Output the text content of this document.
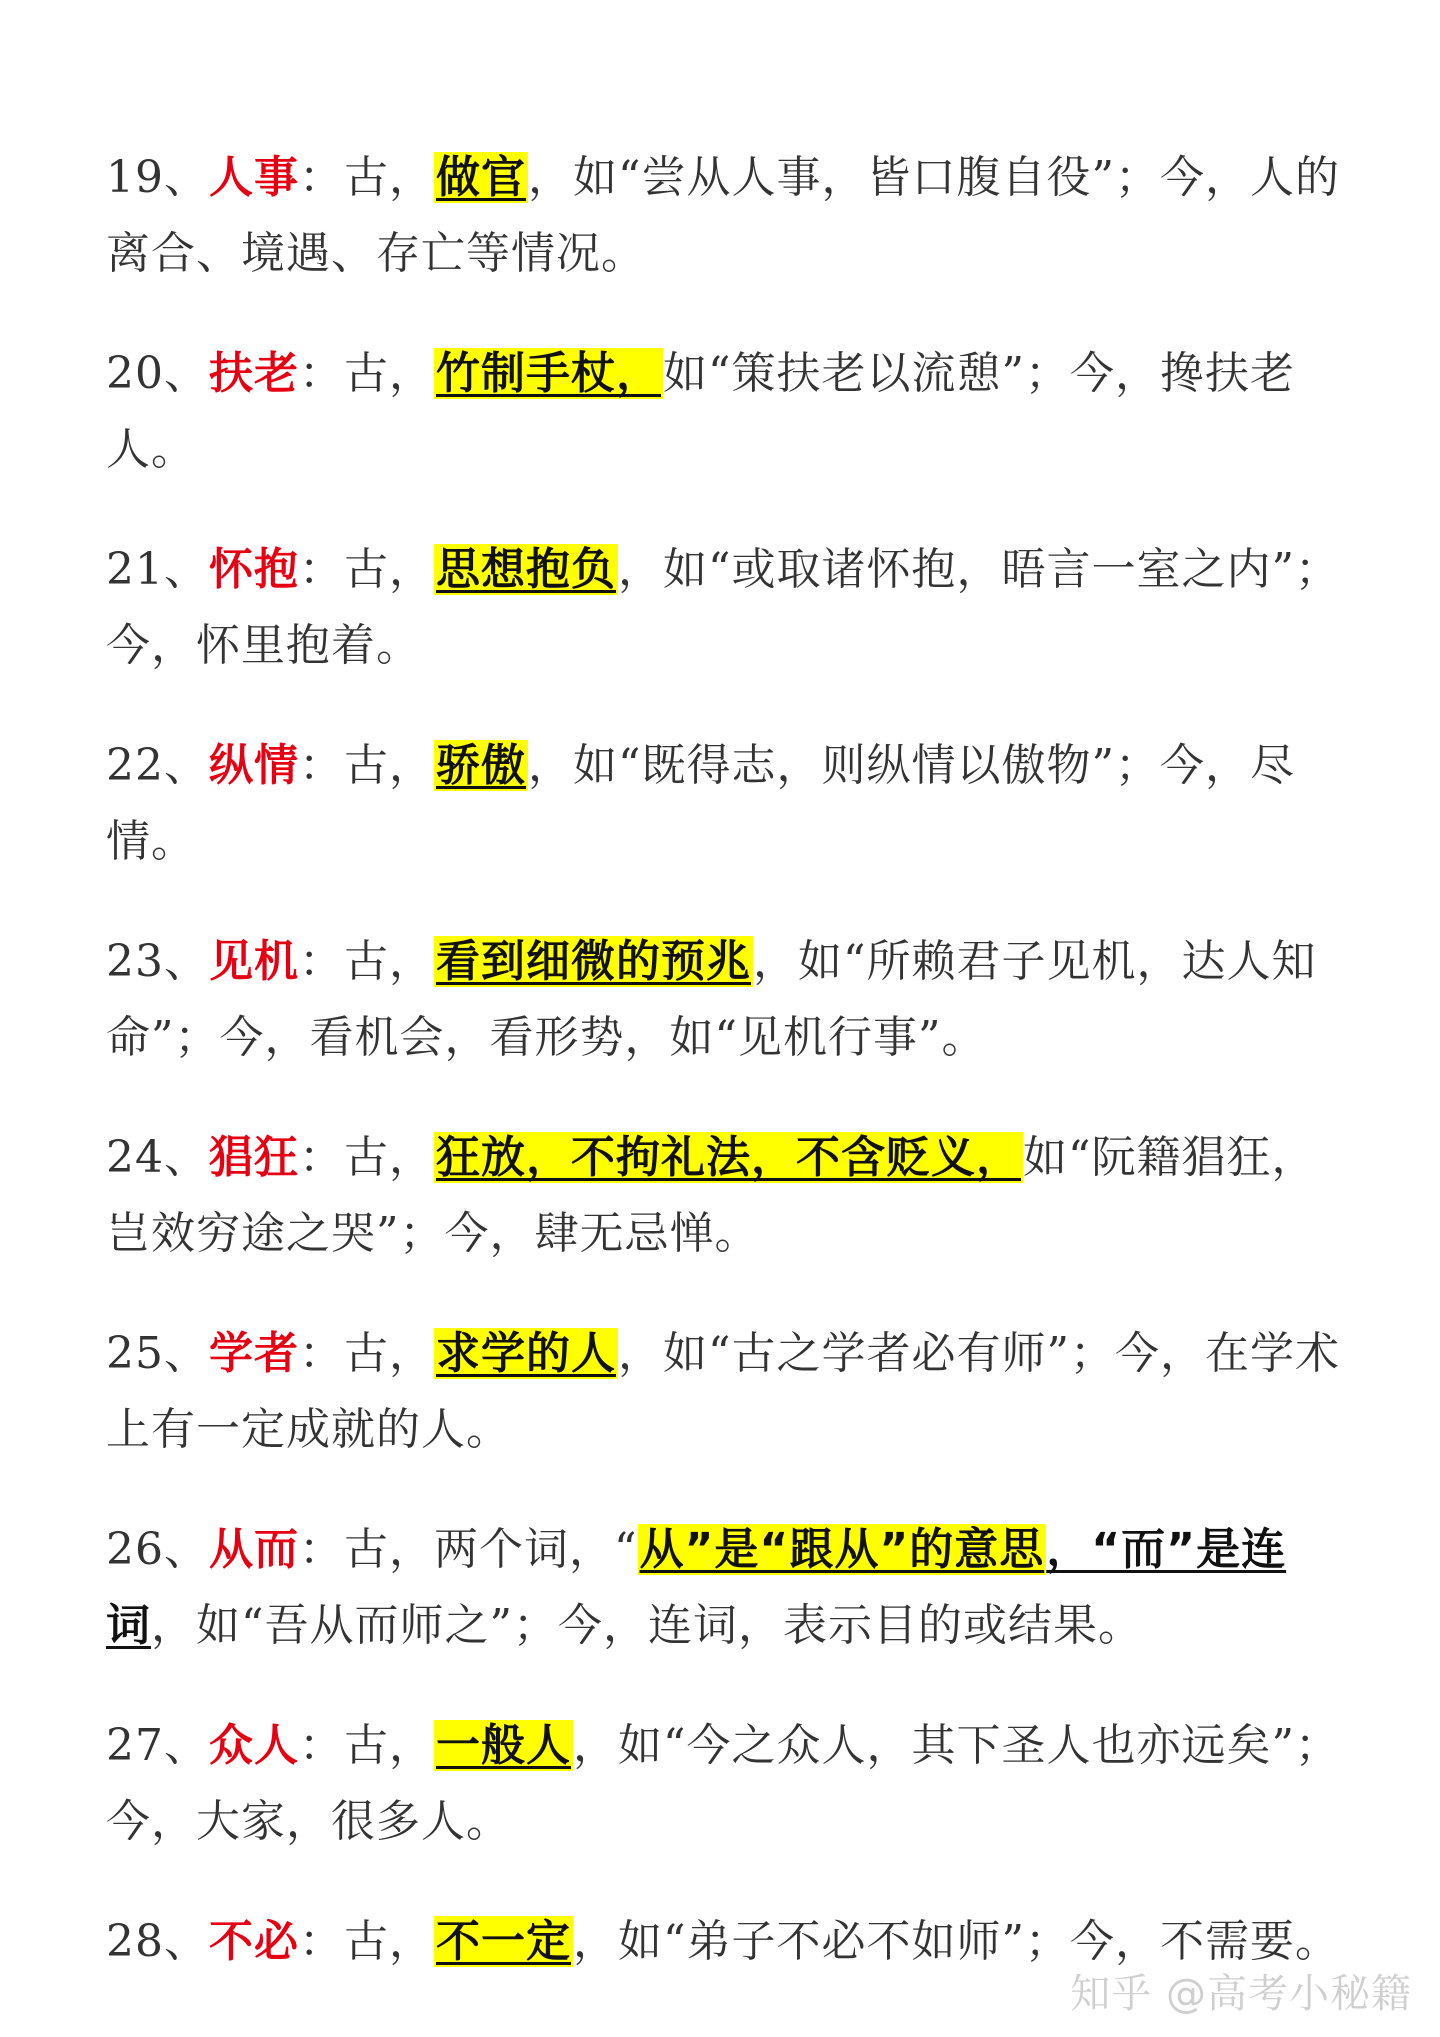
19、人事：古，做官，如“尝从人事，皆口腹自役”；今，人的离合、境遇、存亡等情况。

20、扶老：古，竹制手杖，如“策扶老以流憩”；今，搀扶老人。

21、怀抱：古，思想抱负，如“或取诸怀抱，晤言一室之内”；今，怀里抱着。

22、纵情：古，骄傲，如“既得志，则纵情以傲物”；今，尽情。

23、见机：古，看到细微的预兆，如“所赖君子见机，达人知命”；今，看机会，看形势，如“见机行事”。

24、猖狂：古，狂放，不拘礼法，不含贬义，如“阮籍猖狂，岂效穷途之哭”；今，肆无忌惮。

25、学者：古，求学的人，如“古之学者必有师”；今，在学术上有一定成就的人。

26、从而：古，两个词，“从”是“跟从”的意思，“而”是连词，如“吾从而师之”；今，连词，表示目的或结果。

27、众人：古，一般人，如“今之众人，其下圣人也亦远矣”；今，大家，很多人。

28、不必：古，不一定，如“弟子不必不如师”；今，不需要。

知乎 @高考小秘籍
